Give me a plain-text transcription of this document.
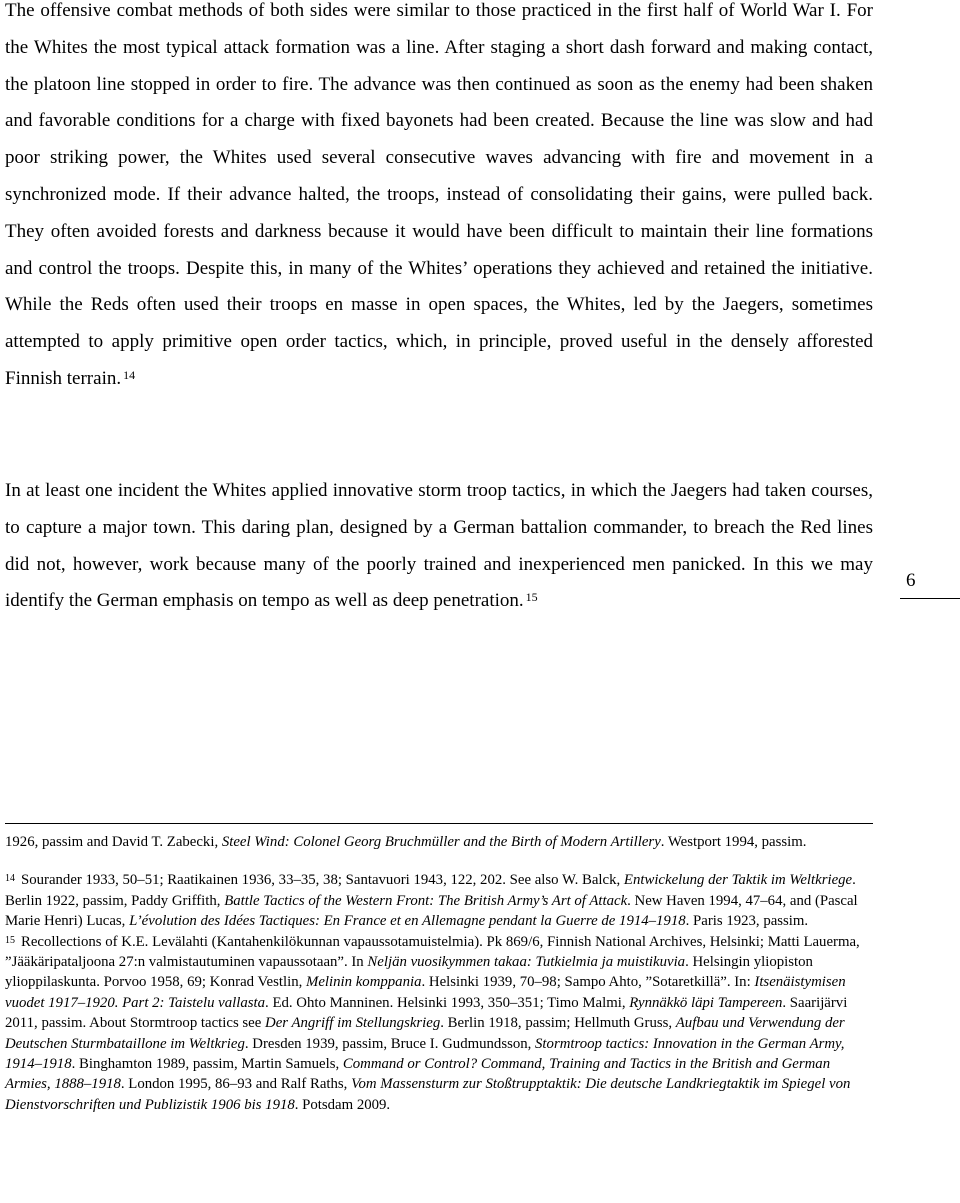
The offensive combat methods of both sides were similar to those practiced in the first half of World War I. For the Whites the most typical attack formation was a line. After staging a short dash forward and making contact, the platoon line stopped in order to fire. The advance was then continued as soon as the enemy had been shaken and favorable conditions for a charge with fixed bayonets had been created. Because the line was slow and had poor striking power, the Whites used several consecutive waves advancing with fire and movement in a synchronized mode. If their advance halted, the troops, instead of consolidating their gains, were pulled back. They often avoided forests and darkness because it would have been difficult to maintain their line formations and control the troops. Despite this, in many of the Whites’ operations they achieved and retained the initiative. While the Reds often used their troops en masse in open spaces, the Whites, led by the Jaegers, sometimes attempted to apply primitive open order tactics, which, in principle, proved useful in the densely afforested Finnish terrain. $^{14}$

In at least one incident the Whites applied innovative storm troop tactics, in which the Jaegers had taken courses, to capture a major town. This daring plan, designed by a German battalion commander, to breach the Red lines did not, however, work because many of the poorly trained and inexperienced men panicked. In this we may identify the German emphasis on tempo as well as deep penetration. $^{15}$

6

1926, passim and David T. Zabecki, Steel Wind: Colonel Georg Bruchmüller and the Birth of Modern Artillery. Westport 1994, passim.

$^{14}$ Sourander 1933, 50–51; Raatikainen 1936, 33–35, 38; Santavuori 1943, 122, 202. See also W. Balck, Entwickelung der Taktik im Weltkriege. Berlin 1922, passim, Paddy Griffith, Battle Tactics of the Western Front: The British Army’s Art of Attack. New Haven 1994, 47–64, and (Pascal Marie Henri) Lucas, L’évolution des Idées Tactiques: En France et en Allemagne pendant la Guerre de 1914–1918. Paris 1923, passim.

$^{15}$ Recollections of K.E. Levälahti (Kantahenkilökunnan vapaussotamuistelmia). Pk 869/6, Finnish National Archives, Helsinki; Matti Lauerma, ”Jääkäripataljoona 27:n valmistautuminen vapaussotaan”. In Neljän vuosikymmen takaa: Tutkielmia ja muistikuvia. Helsingin yliopiston ylioppilaskunta. Porvoo 1958, 69; Konrad Vestlin, Melinin komppania. Helsinki 1939, 70–98; Sampo Ahto, ”Sotaretkillä”. In: Itsenäistymisen vuodet 1917–1920. Part 2: Taistelu vallasta. Ed. Ohto Manninen. Helsinki 1993, 350–351; Timo Malmi, Rynnäkkö läpi Tampereen. Saarijärvi 2011, passim. About Stormtroop tactics see Der Angriff im Stellungskrieg. Berlin 1918, passim; Hellmuth Gruss, Aufbau und Verwendung der Deutschen Sturmbataillone im Weltkrieg. Dresden 1939, passim, Bruce I. Gudmundsson, Stormtroop tactics: Innovation in the German Army, 1914–1918. Binghamton 1989, passim, Martin Samuels, Command or Control? Command, Training and Tactics in the British and German Armies, 1888–1918. London 1995, 86–93 and Ralf Raths, Vom Massensturm zur Stoßtrupptaktik: Die deutsche Landkriegtaktik im Spiegel von Dienstvorschriften und Publizistik 1906 bis 1918. Potsdam 2009.
